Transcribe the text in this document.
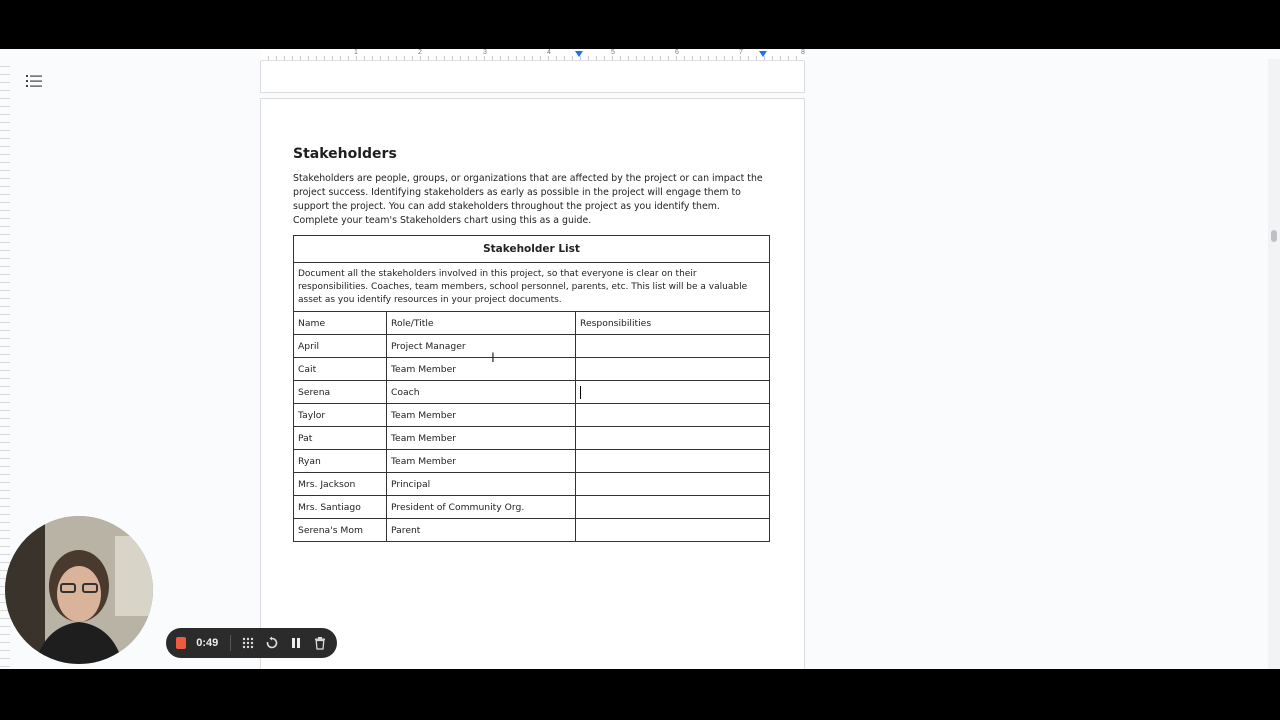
1	2	3	4	5	6	7	8
Stakeholders
Stakeholders are people, groups, or organizations that are affected by the project or can impact the project success. Identifying stakeholders as early as possible in the project will engage them to support the project. You can add stakeholders throughout the project as you identify them. Complete your team's Stakeholders chart using this as a guide.
Stakeholder List		
Document all the stakeholders involved in this project, so that everyone is clear on their responsibilities. Coaches, team members, school personnel, parents, etc. This list will be a valuable asset as you identify resources in your project documents.		
Name	Role/Title	Responsibilities
April	Project Manager	
Cait	Team Member	
Serena	Coach	
Taylor	Team Member	
Pat	Team Member	
Ryan	Team Member	
Mrs. Jackson	Principal	
Mrs. Santiago	President of Community Org.	
Serena's Mom	Parent	
I
0:49
